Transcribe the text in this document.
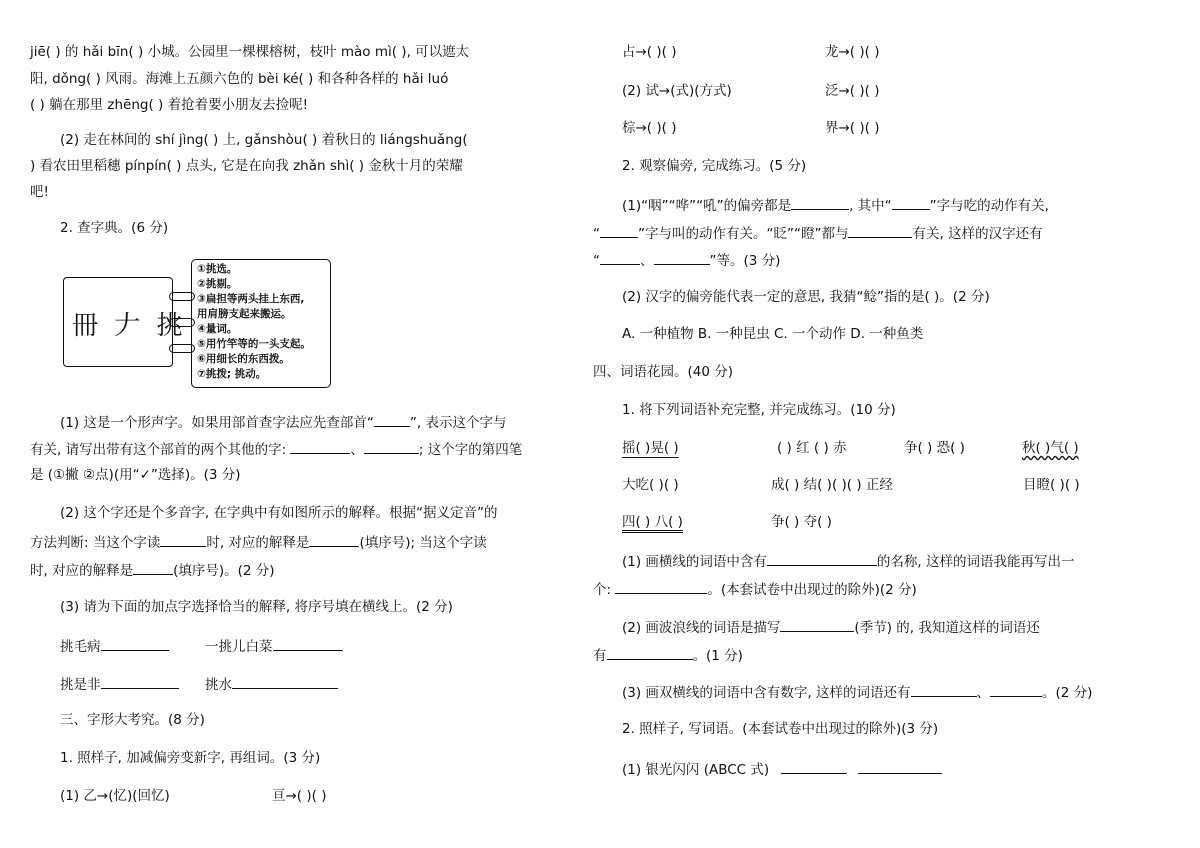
jiē( ) 的 hǎi bīn( ) 小城。公园里一棵棵榕树，枝叶 mào mì( ), 可以遮太
阳, dǒng( ) 风雨。海滩上五颜六色的 bèi ké( ) 和各种各样的 hǎi luó
( ) 躺在那里 zhēng( ) 着抢着要小朋友去捡呢!
(2) 走在林间的 shí jìng( ) 上, gǎnshòu( ) 着秋日的 liángshuǎng(
) 看农田里稻穗 pínpín( ) 点头, 它是在向我 zhǎn shì( ) 金秋十月的荣耀
吧!
2. 查字典。(6 分)
冊 𠂇 挑
①挑选。
②挑剔。
③扁担等两头挂上东西,
用肩膀支起来搬运。
④量词。
⑤用竹竿等的一头支起。
⑥用细长的东西拨。
⑦挑拨; 挑动。
(1) 这是一个形声字。如果用部首查字法应先查部首“	”, 表示这个字与
有关, 请写出带有这个部首的两个其他的字:	、	; 这个字的第四笔
是 (①撇 ②点)(用“✓”选择)。(3 分)
(2) 这个字还是个多音字, 在字典中有如图所示的解释。根据“据义定音”的
方法判断: 当这个字读	时, 对应的解释是	(填序号); 当这个字读
时, 对应的解释是	(填序号)。(2 分)
(3) 请为下面的加点字选择恰当的解释, 将序号填在横线上。(2 分)
挑毛病	一挑儿白菜
挑是非	挑水
三、字形大考究。(8 分)
1. 照样子, 加减偏旁变新字, 再组词。(3 分)
(1) 乙→(忆)(回忆)	亘→( )( )
占→( )( )	龙→( )( )
(2) 试→(式)(方式)	泛→( )( )
棕→( )( )	界→( )( )
2. 观察偏旁, 完成练习。(5 分)
(1)“咽”“哗”“吼”的偏旁都是	, 其中“	”字与吃的动作有关,
“	”字与叫的动作有关。“眨”“瞪”都与	有关, 这样的汉字还有
“	、	”等。(3 分)
(2) 汉字的偏旁能代表一定的意思, 我猜“鲶”指的是( )。(2 分)
A. 一种植物 B. 一种昆虫 C. 一个动作 D. 一种鱼类
四、词语花园。(40 分)
1. 将下列词语补充完整, 并完成练习。(10 分)
摇( )晃( )	( ) 红 ( ) 赤	争( ) 恐( )	秋( )气( )
大吃( )( )	成( ) 结( )( )( ) 正经	目瞪( )( )
四( ) 八( )	争( ) 夺( )
(1) 画横线的词语中含有	的名称, 这样的词语我能再写出一
个:	。(本套试卷中出现过的除外)(2 分)
(2) 画波浪线的词语是描写	(季节) 的, 我知道这样的词语还
有	。(1 分)
(3) 画双横线的词语中含有数字, 这样的词语还有	、	。(2 分)
2. 照样子, 写词语。(本套试卷中出现过的除外)(3 分)
(1) 银光闪闪 (ABCC 式)
